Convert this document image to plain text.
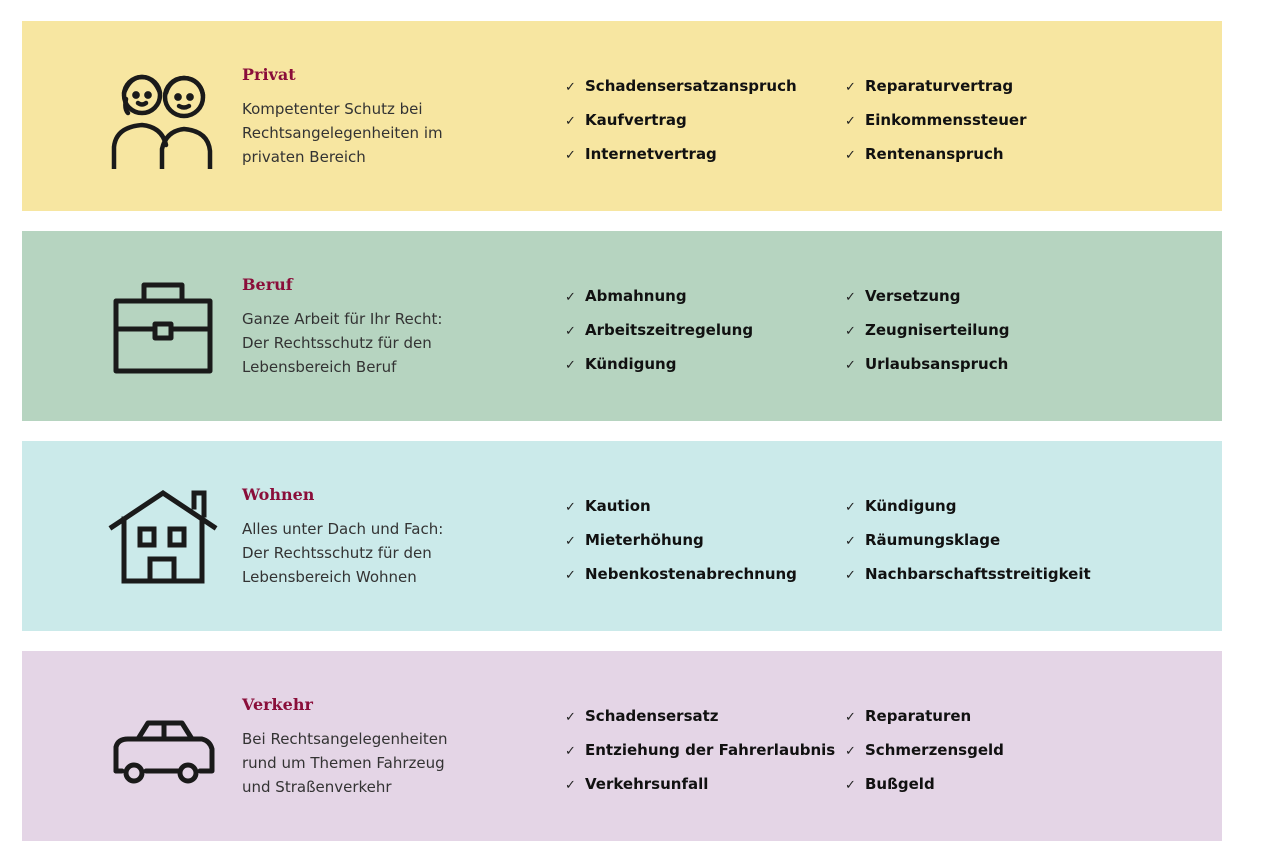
Privat
Kompetenter Schutz bei Rechtsangelegenheiten im privaten Bereich
✓ Schadensersatzanspruch
✓ Kaufvertrag
✓ Internetvertrag
✓ Reparaturvertrag
✓ Einkommenssteuer
✓ Rentenanspruch
Beruf
Ganze Arbeit für Ihr Recht: Der Rechtsschutz für den Lebensbereich Beruf
✓ Abmahnung
✓ Arbeitszeitregelung
✓ Kündigung
✓ Versetzung
✓ Zeugniserteilung
✓ Urlaubsanspruch
Wohnen
Alles unter Dach und Fach: Der Rechtsschutz für den Lebensbereich Wohnen
✓ Kaution
✓ Mieterhöhung
✓ Nebenkostenabrechnung
✓ Kündigung
✓ Räumungsklage
✓ Nachbarschaftsstreitigkeit
Verkehr
Bei Rechtsangelegenheiten rund um Themen Fahrzeug und Straßenverkehr
✓ Schadensersatz
✓ Entziehung der Fahrerlaubnis
✓ Verkehrsunfall
✓ Reparaturen
✓ Schmerzensgeld
✓ Bußgeld
